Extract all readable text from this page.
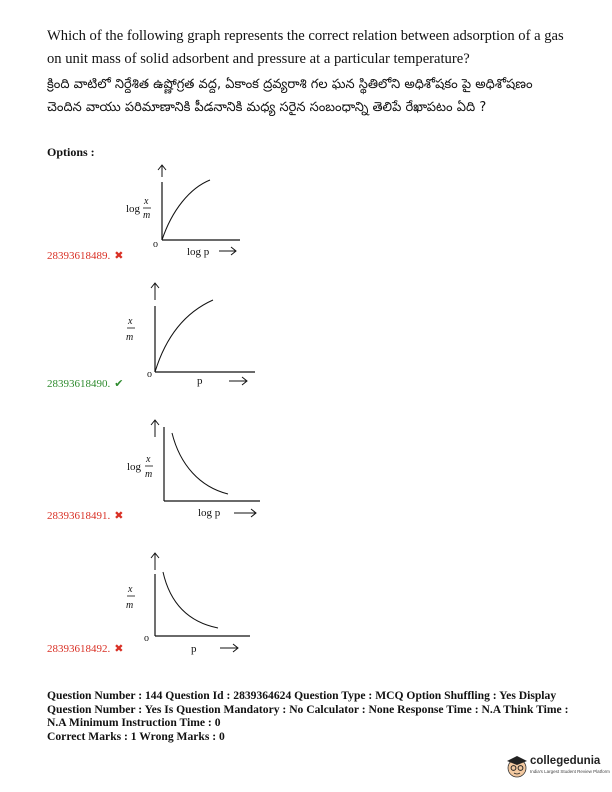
Which of the following graph represents the correct relation between adsorption of a gas on unit mass of solid adsorbent and pressure at a particular temperature?
క్రింది వాటిలో నిర్దేశిత ఉష్ణోగ్రత వద్ద, ఏకాంక ద్రవ్యరాశి గల ఘన స్థితిలోని అధిశోషకం పై అధిశోషణం చెందిన వాయు పరిమాణానికి పీడనానికి మధ్య సరైన సంబంధాన్ని తెలిపే రేఖాపటం ఏది ?
Options :
log
x
m
o
log p
28393618489. ✖
x
m
o
p
28393618490. ✔
log
x
m
log p
28393618491. ✖
x
m
o
p
28393618492. ✖
Question Number : 144 Question Id : 2839364624 Question Type : MCQ Option Shuffling : Yes Display
Question Number : Yes Is Question Mandatory : No Calculator : None Response Time : N.A Think Time :
N.A Minimum Instruction Time : 0
Correct Marks : 1 Wrong Marks : 0
collegedunia
India's Largest Student Review Platform
